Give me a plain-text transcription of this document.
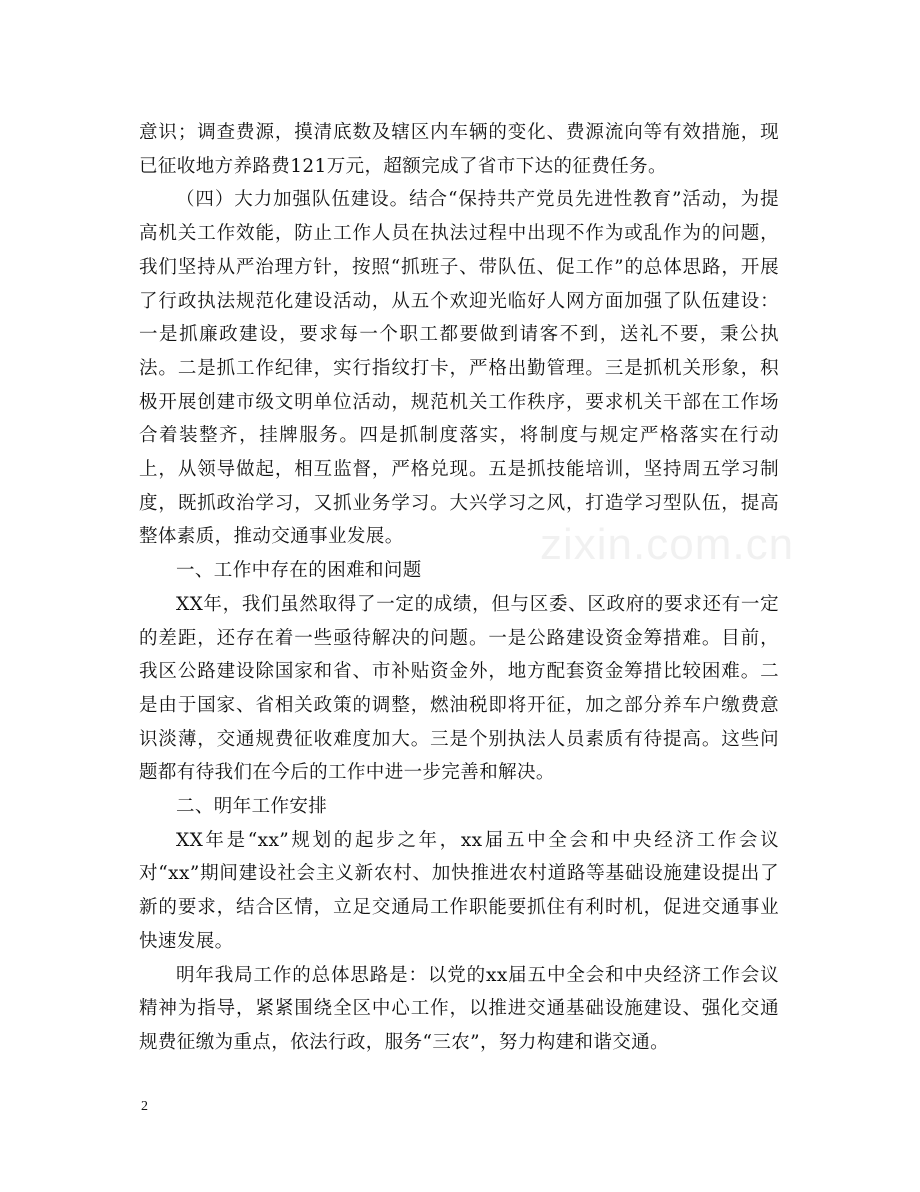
zixin.com.cn

意识；调查费源，摸清底数及辖区内车辆的变化、费源流向等有效措施，现已征收地方养路费121万元，超额完成了省市下达的征费任务。

（四）大力加强队伍建设。结合“保持共产党员先进性教育”活动，为提高机关工作效能，防止工作人员在执法过程中出现不作为或乱作为的问题，我们坚持从严治理方针，按照“抓班子、带队伍、促工作”的总体思路，开展了行政执法规范化建设活动，从五个欢迎光临好人网方面加强了队伍建设：一是抓廉政建设，要求每一个职工都要做到请客不到，送礼不要，秉公执法。二是抓工作纪律，实行指纹打卡，严格出勤管理。三是抓机关形象，积极开展创建市级文明单位活动，规范机关工作秩序，要求机关干部在工作场合着装整齐，挂牌服务。四是抓制度落实，将制度与规定严格落实在行动上，从领导做起，相互监督，严格兑现。五是抓技能培训，坚持周五学习制度，既抓政治学习，又抓业务学习。大兴学习之风，打造学习型队伍，提高整体素质，推动交通事业发展。

一、工作中存在的困难和问题

XX年，我们虽然取得了一定的成绩，但与区委、区政府的要求还有一定的差距，还存在着一些亟待解决的问题。一是公路建设资金筹措难。目前，我区公路建设除国家和省、市补贴资金外，地方配套资金筹措比较困难。二是由于国家、省相关政策的调整，燃油税即将开征，加之部分养车户缴费意识淡薄，交通规费征收难度加大。三是个别执法人员素质有待提高。这些问题都有待我们在今后的工作中进一步完善和解决。

二、明年工作安排

XX年是“xx”规划的起步之年，xx届五中全会和中央经济工作会议对“xx”期间建设社会主义新农村、加快推进农村道路等基础设施建设提出了新的要求，结合区情，立足交通局工作职能要抓住有利时机，促进交通事业快速发展。

明年我局工作的总体思路是：以党的xx届五中全会和中央经济工作会议精神为指导，紧紧围绕全区中心工作，以推进交通基础设施建设、强化交通规费征缴为重点，依法行政，服务“三农”，努力构建和谐交通。

2
